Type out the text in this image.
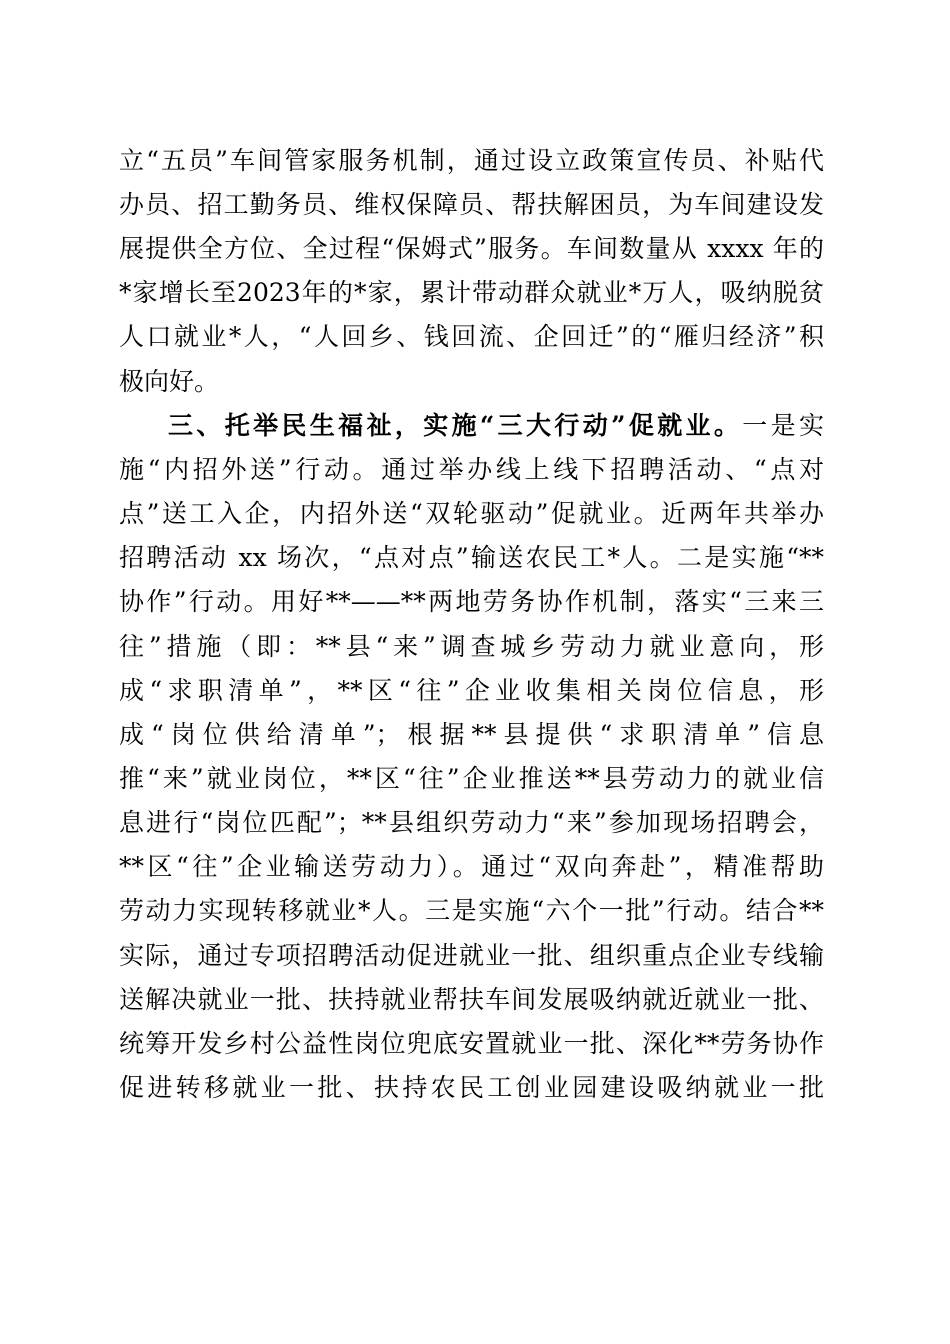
立“五员”车间管家服务机制，通过设立政策宣传员、补贴代
办员、招工勤务员、维权保障员、帮扶解困员，为车间建设发
展提供全方位、全过程“保姆式”服务。车间数量从 xxxx 年的
*家增长至2023年的*家，累计带动群众就业*万人，吸纳脱贫
人口就业*人，“人回乡、钱回流、企回迁”的“雁归经济”积
极向好。
三、托举民生福祉，实施“三大行动”促就业。一是实
施“内招外送”行动。通过举办线上线下招聘活动、“点对
点”送工入企，内招外送“双轮驱动”促就业。近两年共举办
招聘活动 xx 场次，“点对点”输送农民工*人。二是实施“**
协作”行动。用好**——**两地劳务协作机制，落实“三来三
往”措施（即：**县“来”调查城乡劳动力就业意向，形
成“求职清单”，**区“往”企业收集相关岗位信息，形
成“岗位供给清单”；根据**县提供“求职清单”信息
推“来”就业岗位，**区“往”企业推送**县劳动力的就业信
息进行“岗位匹配”；**县组织劳动力“来”参加现场招聘会，
**区“往”企业输送劳动力）。通过“双向奔赴”，精准帮助
劳动力实现转移就业*人。三是实施“六个一批”行动。结合**
实际，通过专项招聘活动促进就业一批、组织重点企业专线输
送解决就业一批、扶持就业帮扶车间发展吸纳就近就业一批、
统筹开发乡村公益性岗位兜底安置就业一批、深化**劳务协作
促进转移就业一批、扶持农民工创业园建设吸纳就业一批
